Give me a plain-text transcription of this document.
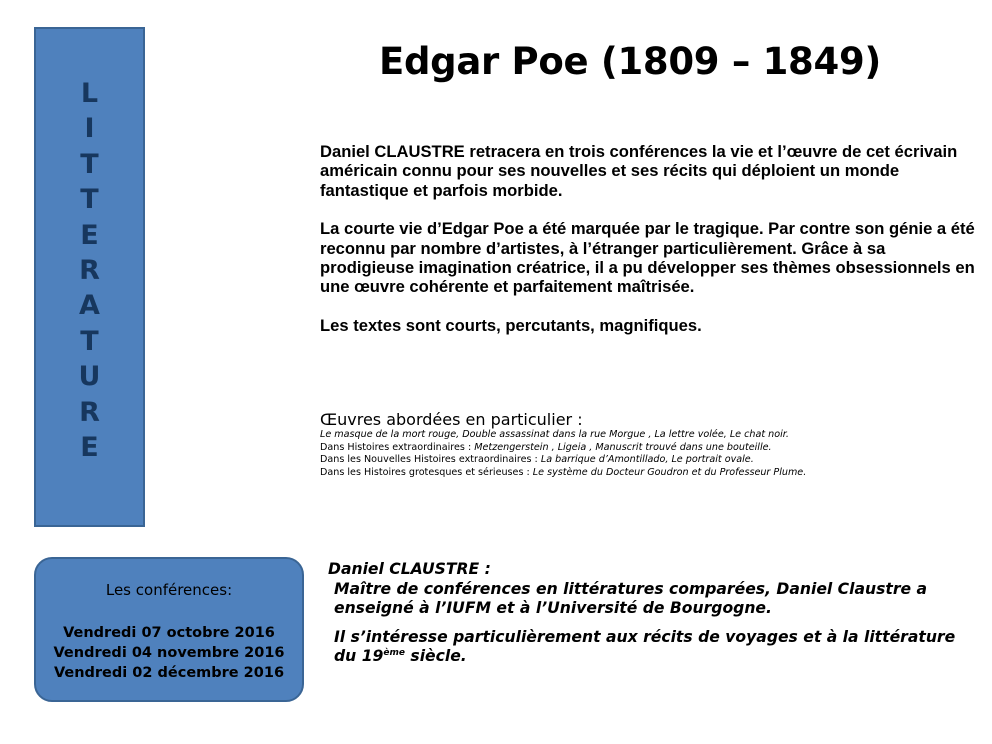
L
I
T
T
E
R
A
T
U
R
E
Edgar Poe (1809 – 1849)

Daniel CLAUSTRE retracera en trois conférences la vie et l’œuvre de cet écrivain américain connu pour ses nouvelles et ses récits qui déploient un monde fantastique et parfois morbide.

La courte vie d’Edgar Poe a été marquée par le tragique. Par contre son génie a été reconnu par nombre d’artistes, à l’étranger particulièrement. Grâce à sa prodigieuse imagination créatrice, il a pu développer ses thèmes obsessionnels en une œuvre cohérente et parfaitement maîtrisée.

Les textes sont courts, percutants, magnifiques.

Œuvres abordées en particulier :

Le masque de la mort rouge, Double assassinat dans la rue Morgue , La lettre volée, Le chat noir.

Dans Histoires extraordinaires : Metzengerstein , Ligeia , Manuscrit trouvé dans une bouteille.

Dans les Nouvelles Histoires extraordinaires : La barrique d’Amontillado, Le portrait ovale.

Dans les Histoires grotesques et sérieuses : Le système du Docteur Goudron et du Professeur Plume.

Les conférences:
Vendredi 07 octobre 2016
Vendredi 04 novembre 2016
Vendredi 02 décembre 2016

Daniel CLAUSTRE :

Maître de conférences en littératures comparées, Daniel Claustre a enseigné à l’IUFM et à l’Université de Bourgogne.

Il s’intéresse particulièrement aux récits de voyages et à la littérature du 19ème siècle.
